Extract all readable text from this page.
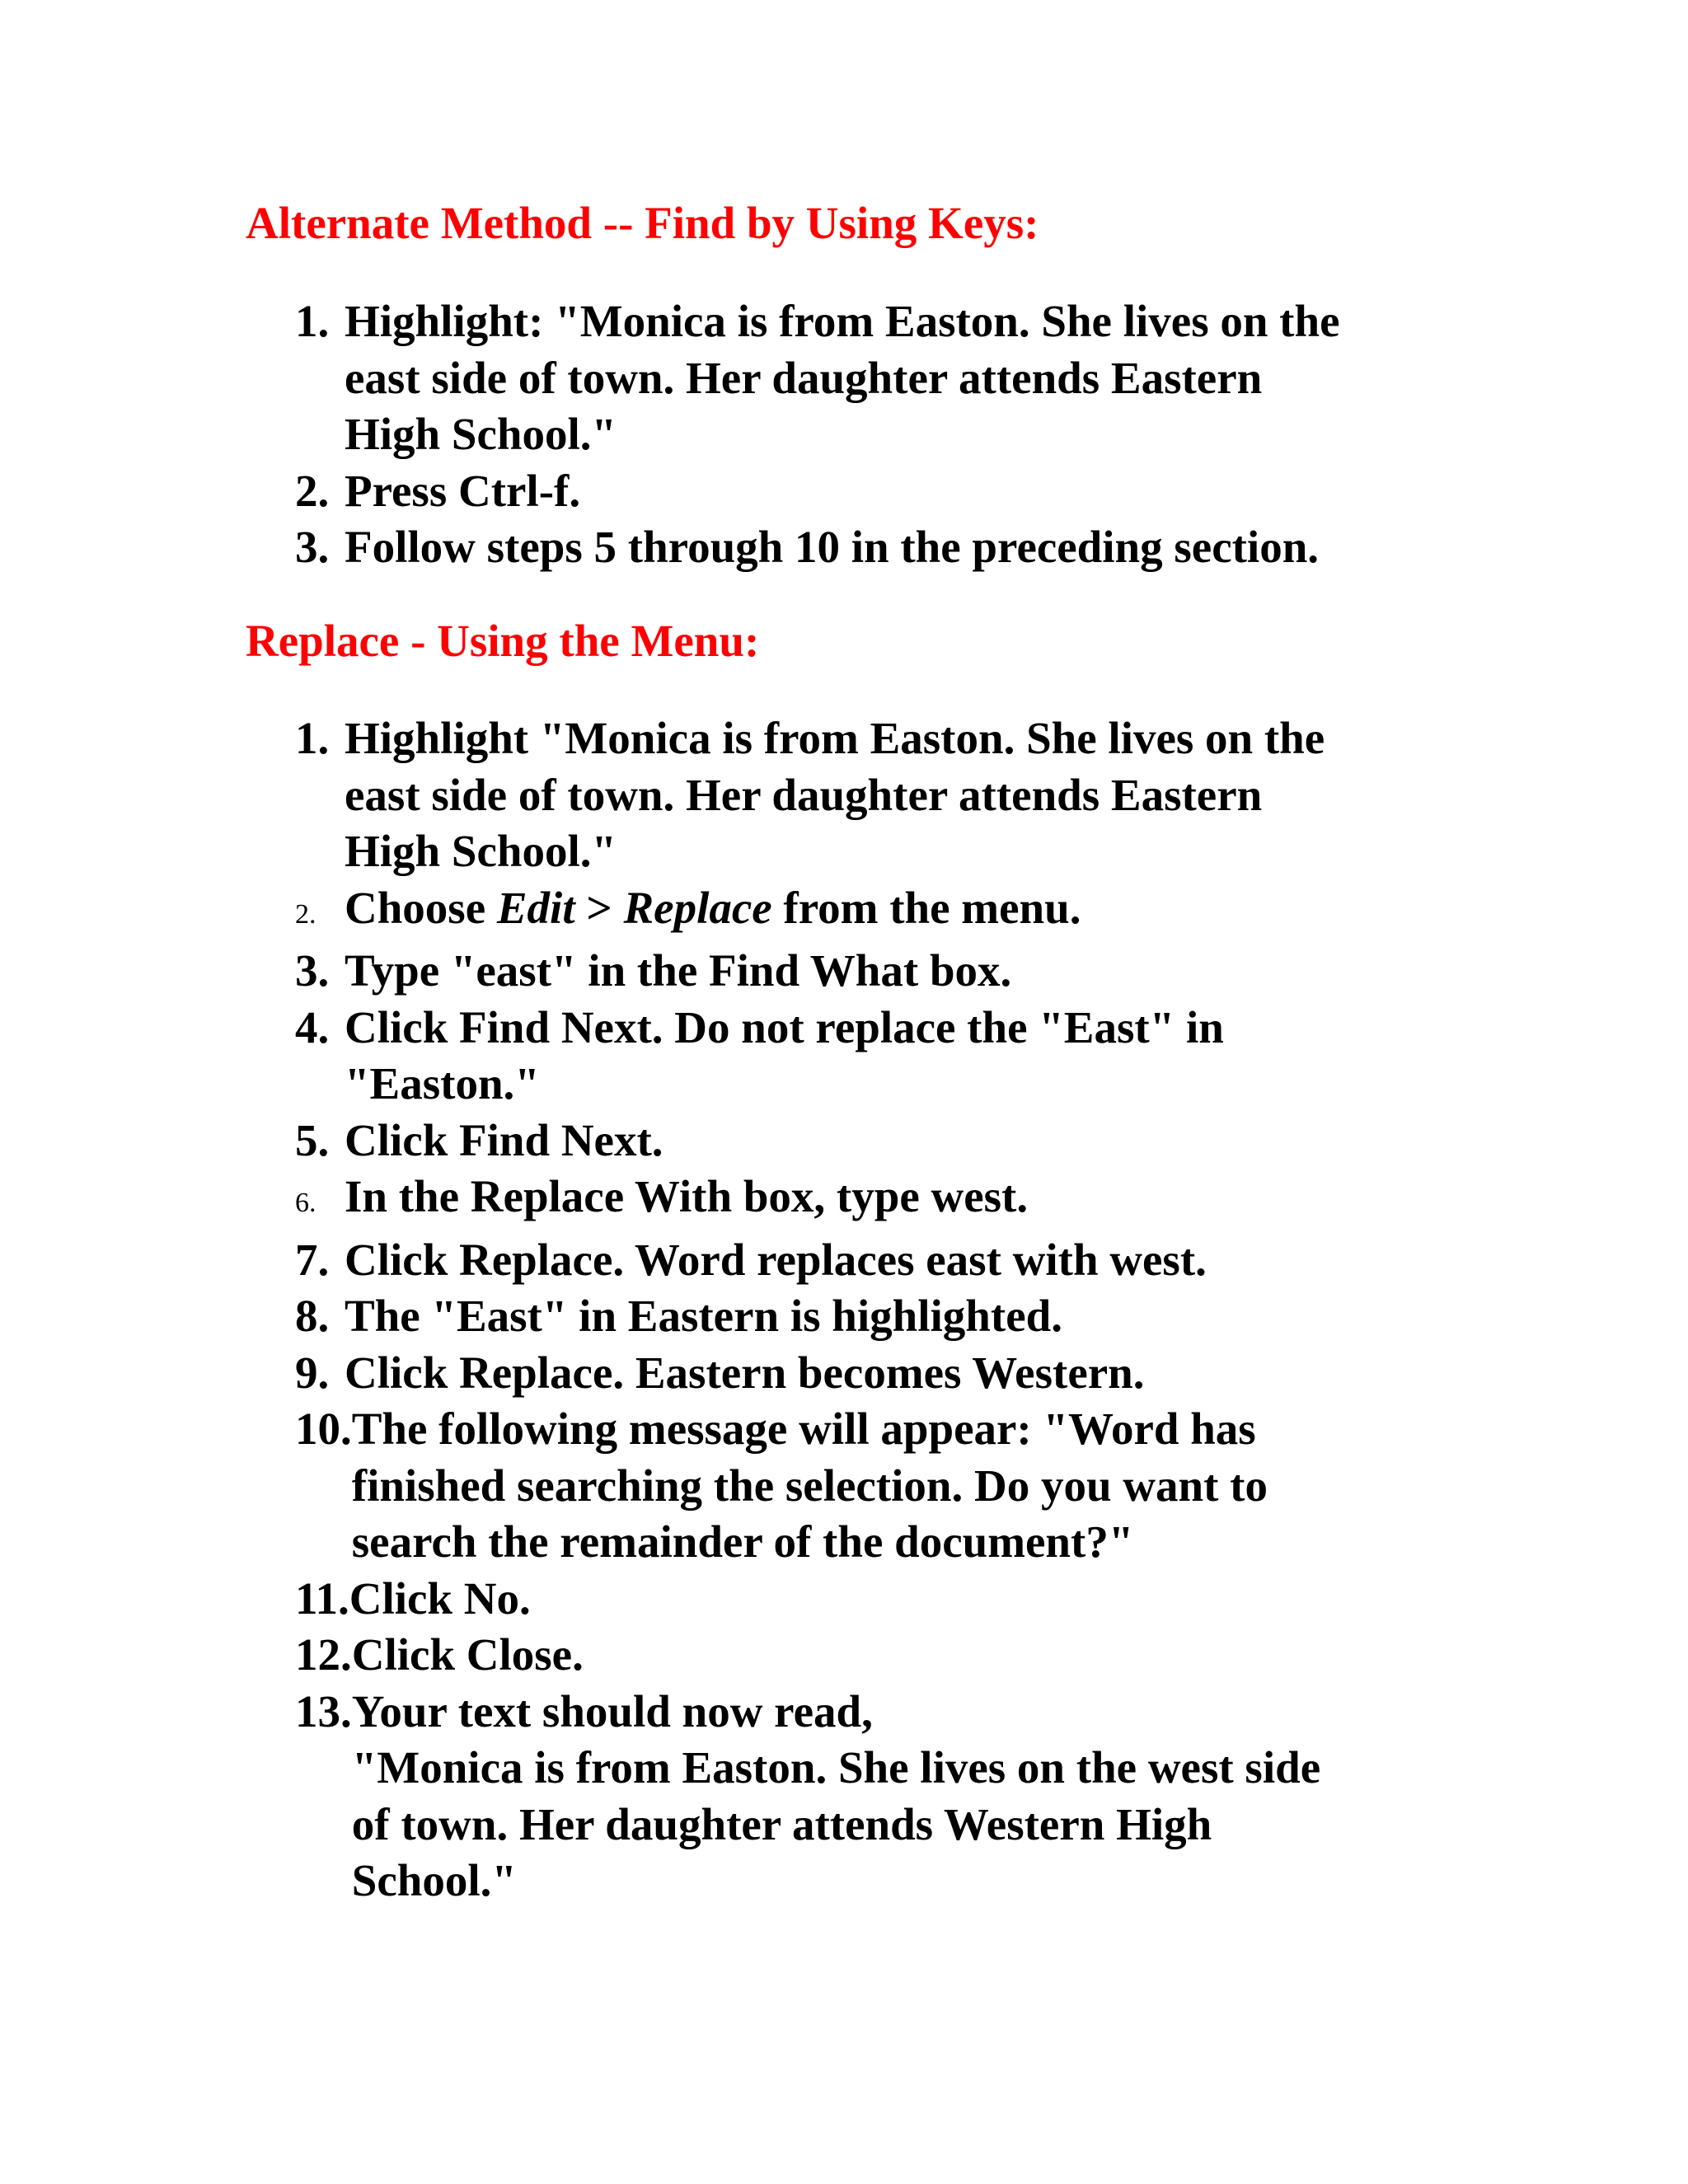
Alternate Method -- Find by Using Keys:
1. Highlight: "Monica is from Easton. She lives on the
east side of town. Her daughter attends Eastern
High School."
2. Press Ctrl-f.
3. Follow steps 5 through 10 in the preceding section.
Replace - Using the Menu:
1. Highlight "Monica is from Easton. She lives on the
east side of town. Her daughter attends Eastern
High School."
2. Choose Edit > Replace from the menu.
3. Type "east" in the Find What box.
4. Click Find Next. Do not replace the "East" in
"Easton."
5. Click Find Next.
6. In the Replace With box, type west.
7. Click Replace. Word replaces east with west.
8. The "East" in Eastern is highlighted.
9. Click Replace. Eastern becomes Western.
10. The following message will appear: "Word has
finished searching the selection. Do you want to
search the remainder of the document?"
11. Click No.
12. Click Close.
13. Your text should now read,
"Monica is from Easton. She lives on the west side
of town. Her daughter attends Western High
School."
